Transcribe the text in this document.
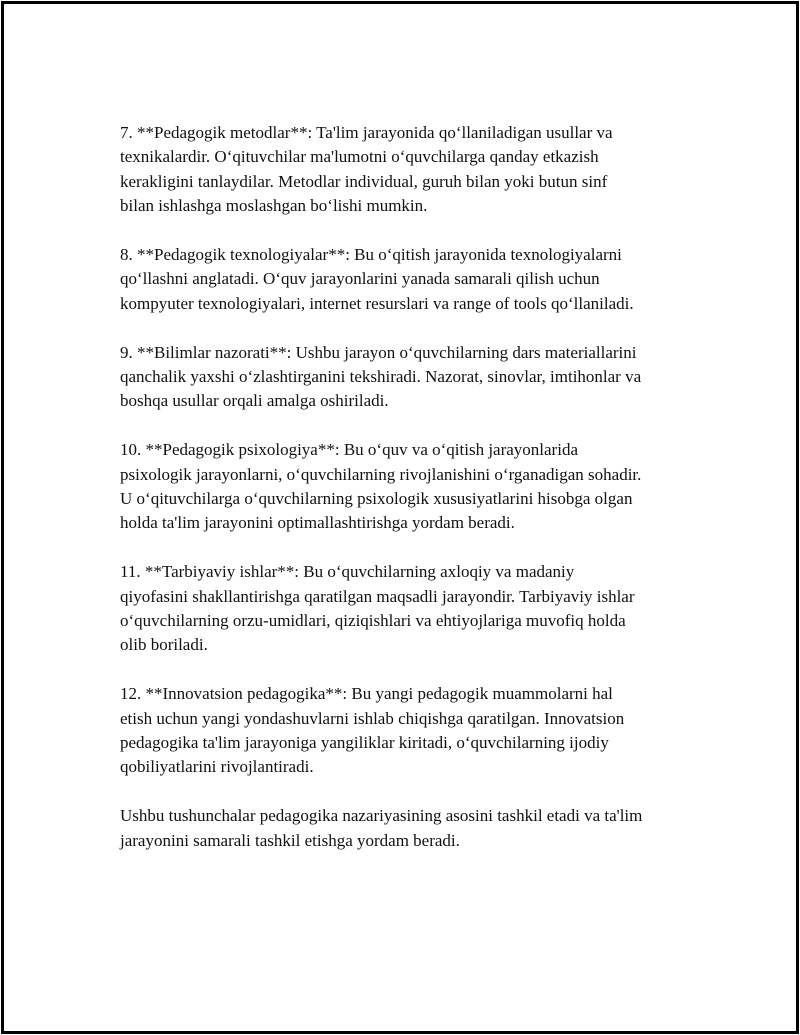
7. **Pedagogik metodlar**: Ta'lim jarayonida qo‘llaniladigan usullar va
texnikalardir. O‘qituvchilar ma'lumotni o‘quvchilarga qanday etkazish
kerakligini tanlaydilar. Metodlar individual, guruh bilan yoki butun sinf
bilan ishlashga moslashgan bo‘lishi mumkin.

8. **Pedagogik texnologiyalar**: Bu o‘qitish jarayonida texnologiyalarni
qo‘llashni anglatadi. O‘quv jarayonlarini yanada samarali qilish uchun
kompyuter texnologiyalari, internet resurslari va range of tools qo‘llaniladi.

9. **Bilimlar nazorati**: Ushbu jarayon o‘quvchilarning dars materiallarini
qanchalik yaxshi o‘zlashtirganini tekshiradi. Nazorat, sinovlar, imtihonlar va
boshqa usullar orqali amalga oshiriladi.

10. **Pedagogik psixologiya**: Bu o‘quv va o‘qitish jarayonlarida
psixologik jarayonlarni, o‘quvchilarning rivojlanishini o‘rganadigan sohadir.
U o‘qituvchilarga o‘quvchilarning psixologik xususiyatlarini hisobga olgan
holda ta'lim jarayonini optimallashtirishga yordam beradi.

11. **Tarbiyaviy ishlar**: Bu o‘quvchilarning axloqiy va madaniy
qiyofasini shakllantirishga qaratilgan maqsadli jarayondir. Tarbiyaviy ishlar
o‘quvchilarning orzu-umidlari, qiziqishlari va ehtiyojlariga muvofiq holda
olib boriladi.

12. **Innovatsion pedagogika**: Bu yangi pedagogik muammolarni hal
etish uchun yangi yondashuvlarni ishlab chiqishga qaratilgan. Innovatsion
pedagogika ta'lim jarayoniga yangiliklar kiritadi, o‘quvchilarning ijodiy
qobiliyatlarini rivojlantiradi.

Ushbu tushunchalar pedagogika nazariyasining asosini tashkil etadi va ta'lim
jarayonini samarali tashkil etishga yordam beradi.
